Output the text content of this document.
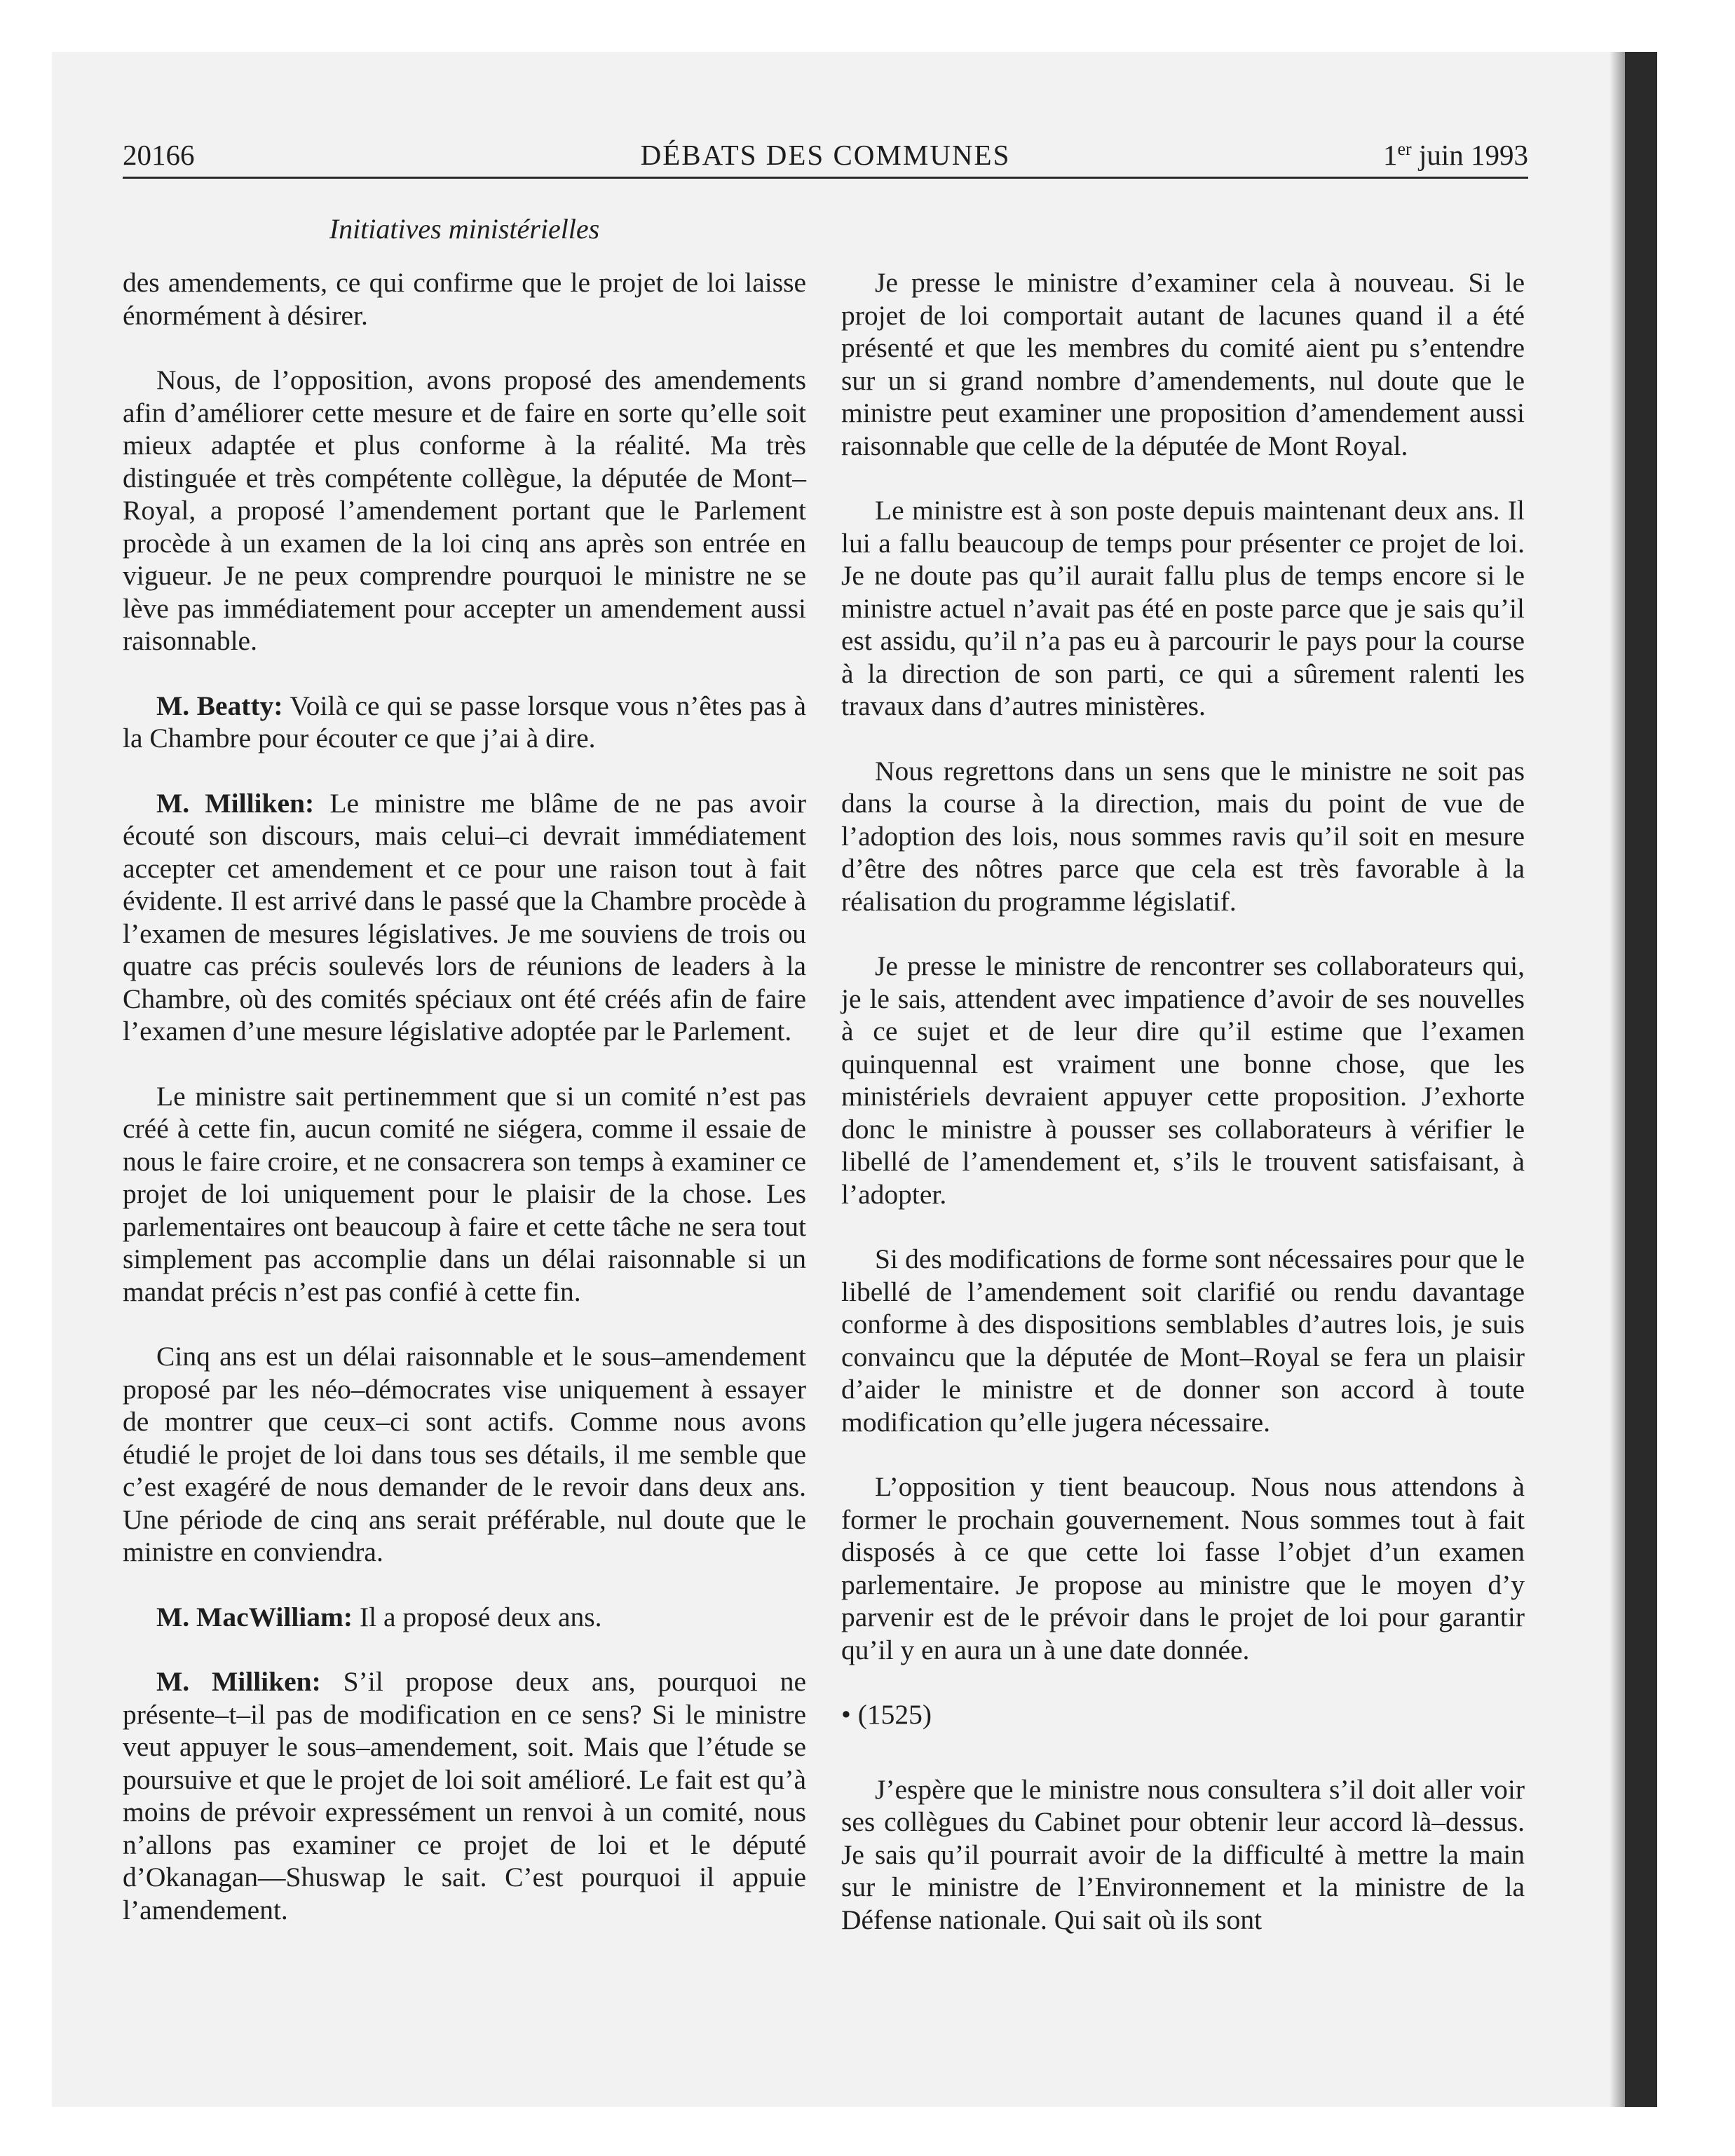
20166	DÉBATS DES COMMUNES	1er juin 1993
Initiatives ministérielles

des amendements, ce qui confirme que le projet de loi laisse énormément à désirer.

Nous, de l’opposition, avons proposé des amendements afin d’améliorer cette mesure et de faire en sorte qu’elle soit mieux adaptée et plus conforme à la réalité. Ma très distinguée et très compétente collègue, la députée de Mont–Royal, a proposé l’amendement portant que le Parlement procède à un examen de la loi cinq ans après son entrée en vigueur. Je ne peux comprendre pourquoi le ministre ne se lève pas immédiatement pour accepter un amendement aussi raisonnable.

M. Beatty: Voilà ce qui se passe lorsque vous n’êtes pas à la Chambre pour écouter ce que j’ai à dire.

M. Milliken: Le ministre me blâme de ne pas avoir écouté son discours, mais celui–ci devrait immédiatement accepter cet amendement et ce pour une raison tout à fait évidente. Il est arrivé dans le passé que la Chambre procède à l’examen de mesures législatives. Je me souviens de trois ou quatre cas précis soulevés lors de réunions de leaders à la Chambre, où des comités spéciaux ont été créés afin de faire l’examen d’une mesure législative adoptée par le Parlement.

Le ministre sait pertinemment que si un comité n’est pas créé à cette fin, aucun comité ne siégera, comme il essaie de nous le faire croire, et ne consacrera son temps à examiner ce projet de loi uniquement pour le plaisir de la chose. Les parlementaires ont beaucoup à faire et cette tâche ne sera tout simplement pas accomplie dans un délai raisonnable si un mandat précis n’est pas confié à cette fin.

Cinq ans est un délai raisonnable et le sous–amendement proposé par les néo–démocrates vise uniquement à essayer de montrer que ceux–ci sont actifs. Comme nous avons étudié le projet de loi dans tous ses détails, il me semble que c’est exagéré de nous demander de le revoir dans deux ans. Une période de cinq ans serait préférable, nul doute que le ministre en conviendra.

M. MacWilliam: Il a proposé deux ans.

M. Milliken: S’il propose deux ans, pourquoi ne présente–t–il pas de modification en ce sens? Si le ministre veut appuyer le sous–amendement, soit. Mais que l’étude se poursuive et que le projet de loi soit amélioré. Le fait est qu’à moins de prévoir expressément un renvoi à un comité, nous n’allons pas examiner ce projet de loi et le député d’Okanagan—Shuswap le sait. C’est pourquoi il appuie l’amendement.

Je presse le ministre d’examiner cela à nouveau. Si le projet de loi comportait autant de lacunes quand il a été présenté et que les membres du comité aient pu s’entendre sur un si grand nombre d’amendements, nul doute que le ministre peut examiner une proposition d’amendement aussi raisonnable que celle de la députée de Mont Royal.

Le ministre est à son poste depuis maintenant deux ans. Il lui a fallu beaucoup de temps pour présenter ce projet de loi. Je ne doute pas qu’il aurait fallu plus de temps encore si le ministre actuel n’avait pas été en poste parce que je sais qu’il est assidu, qu’il n’a pas eu à parcourir le pays pour la course à la direction de son parti, ce qui a sûrement ralenti les travaux dans d’autres ministères.

Nous regrettons dans un sens que le ministre ne soit pas dans la course à la direction, mais du point de vue de l’adoption des lois, nous sommes ravis qu’il soit en mesure d’être des nôtres parce que cela est très favorable à la réalisation du programme législatif.

Je presse le ministre de rencontrer ses collaborateurs qui, je le sais, attendent avec impatience d’avoir de ses nouvelles à ce sujet et de leur dire qu’il estime que l’examen quinquennal est vraiment une bonne chose, que les ministériels devraient appuyer cette proposition. J’exhorte donc le ministre à pousser ses collaborateurs à vérifier le libellé de l’amendement et, s’ils le trouvent satisfaisant, à l’adopter.

Si des modifications de forme sont nécessaires pour que le libellé de l’amendement soit clarifié ou rendu davantage conforme à des dispositions semblables d’autres lois, je suis convaincu que la députée de Mont–Royal se fera un plaisir d’aider le ministre et de donner son accord à toute modification qu’elle jugera nécessaire.

L’opposition y tient beaucoup. Nous nous attendons à former le prochain gouvernement. Nous sommes tout à fait disposés à ce que cette loi fasse l’objet d’un examen parlementaire. Je propose au ministre que le moyen d’y parvenir est de le prévoir dans le projet de loi pour garantir qu’il y en aura un à une date donnée.

• (1525)

J’espère que le ministre nous consultera s’il doit aller voir ses collègues du Cabinet pour obtenir leur accord là–dessus. Je sais qu’il pourrait avoir de la difficulté à mettre la main sur le ministre de l’Environnement et la ministre de la Défense nationale. Qui sait où ils sont
